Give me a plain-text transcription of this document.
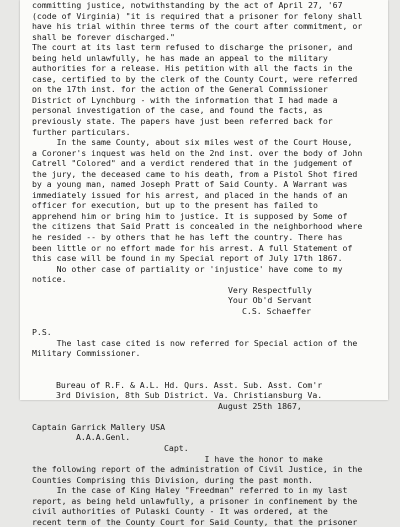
committing justice, notwithstanding by the act of April 27, '67
(code of Virginia) "it is required that a prisoner for felony shall
have his trial within three terms of the court after commitment, or
shall be forever discharged."
The court at its last term refused to discharge the prisoner, and
being held unlawfully, he has made an appeal to the military
authorities for a release. His petition with all the facts in the
case, certified to by the clerk of the County Court, were referred
on the 17th inst. for the action of the General Commissioner
District of Lynchburg - with the information that I had made a
personal investigation of the case, and found the facts, as
previously state. The papers have just been referred back for
further particulars.
In the same County, about six miles west of the Court House,
a Coroner's inquest was held on the 2nd inst. over the body of John
Catrell "Colored" and a verdict rendered that in the judgement of
the jury, the deceased came to his death, from a Pistol Shot fired
by a young man, named Joseph Pratt of Said County. A Warrant was
immediately issued for his arrest, and placed in the hands of an
officer for execution, but up to the present has failed to
apprehend him or bring him to justice. It is supposed by Some of
the citizens that Said Pratt is concealed in the neighborhood where
he resided -- by others that he has left the country. There has
been little or no effort made for his arrest. A full Statement of
this case will be found in my Special report of July 17th 1867.
No other case of partiality or 'injustice' have come to my
notice.
Very Respectfully
Your Ob'd Servant
C.S. Schaeffer
P.S.
The last case cited is now referred for Special action of the
Military Commissioner.
Bureau of R.F. & A.L. Hd. Qurs. Asst. Sub. Asst. Com'r
3rd Division, 8th Sub District. Va. Christiansburg Va.
August 25th 1867,
Captain Garrick Mallery USA
A.A.A.Genl.
Capt.
I have the honor to make
the following report of the administration of Civil Justice, in the
Counties Comprising this Division, during the past month.
In the case of King Haley "Freedman" referred to in my last
report, as being held unlawfully, a prisoner in confinement by the
civil authorities of Pulaski County - It was ordered, at the
recent term of the County Court for Said County, that the prisoner
